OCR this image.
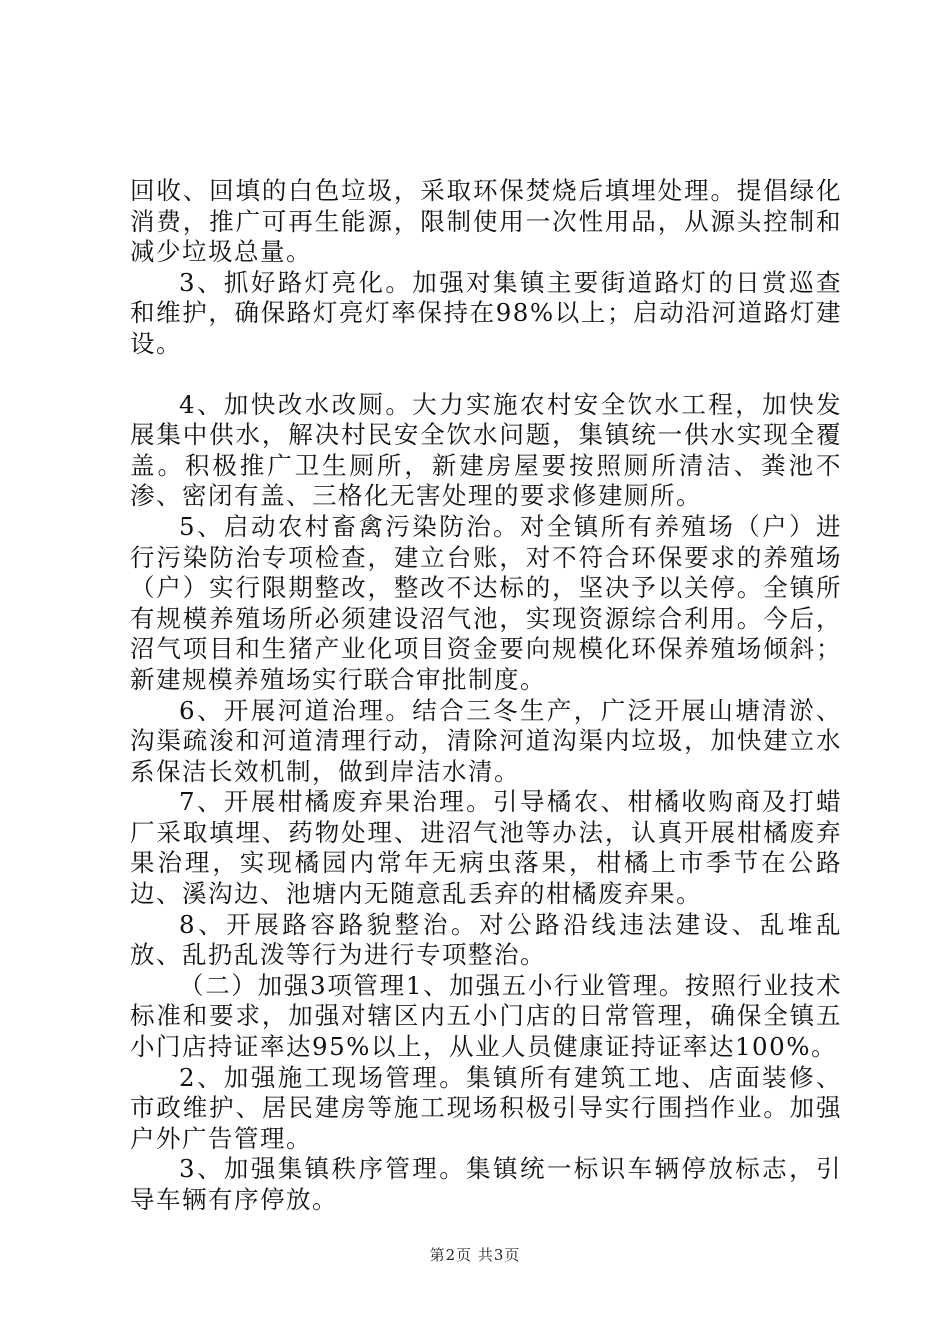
回收、回填的白色垃圾，采取环保焚烧后填埋处理。提倡绿化消费，推广可再生能源，限制使用一次性用品，从源头控制和减少垃圾总量。

3、抓好路灯亮化。加强对集镇主要街道路灯的日赏巡查和维护，确保路灯亮灯率保持在98%以上；启动沿河道路灯建设。

4、加快改水改厕。大力实施农村安全饮水工程，加快发展集中供水，解决村民安全饮水问题，集镇统一供水实现全覆盖。积极推广卫生厕所，新建房屋要按照厕所清洁、粪池不渗、密闭有盖、三格化无害处理的要求修建厕所。

5、启动农村畜禽污染防治。对全镇所有养殖场（户）进行污染防治专项检查，建立台账，对不符合环保要求的养殖场（户）实行限期整改，整改不达标的，坚决予以关停。全镇所有规模养殖场所必须建设沼气池，实现资源综合利用。今后，沼气项目和生猪产业化项目资金要向规模化环保养殖场倾斜；新建规模养殖场实行联合审批制度。

6、开展河道治理。结合三冬生产，广泛开展山塘清淤、沟渠疏浚和河道清理行动，清除河道沟渠内垃圾，加快建立水系保洁长效机制，做到岸洁水清。

7、开展柑橘废弃果治理。引导橘农、柑橘收购商及打蜡厂采取填埋、药物处理、进沼气池等办法，认真开展柑橘废弃果治理，实现橘园内常年无病虫落果，柑橘上市季节在公路边、溪沟边、池塘内无随意乱丢弃的柑橘废弃果。

8、开展路容路貌整治。对公路沿线违法建设、乱堆乱放、乱扔乱泼等行为进行专项整治。

（二）加强3项管理1、加强五小行业管理。按照行业技术标准和要求，加强对辖区内五小门店的日常管理，确保全镇五小门店持证率达95%以上，从业人员健康证持证率达100%。

2、加强施工现场管理。集镇所有建筑工地、店面装修、市政维护、居民建房等施工现场积极引导实行围挡作业。加强户外广告管理。

3、加强集镇秩序管理。集镇统一标识车辆停放标志，引导车辆有序停放。

第2页 共3页
